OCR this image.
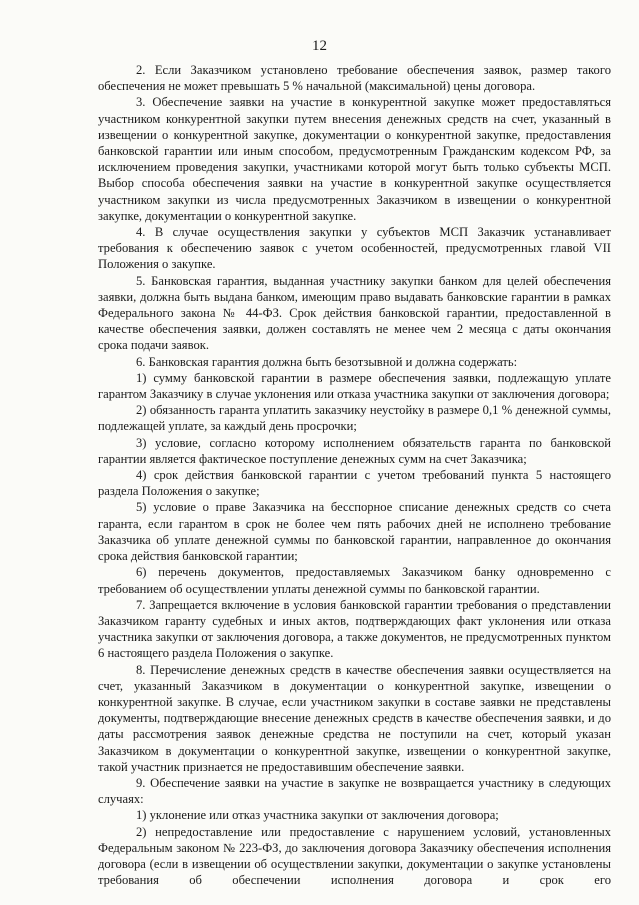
12

2. Если Заказчиком установлено требование обеспечения заявок, размер такого обеспечения не может превышать 5 % начальной (максимальной) цены договора.

3. Обеспечение заявки на участие в конкурентной закупке может предоставляться участником конкурентной закупки путем внесения денежных средств на счет, указанный в извещении о конкурентной закупке, документации о конкурентной закупке, предоставления банковской гарантии или иным способом, предусмотренным Гражданским кодексом РФ, за исключением проведения закупки, участниками которой могут быть только субъекты МСП. Выбор способа обеспечения заявки на участие в конкурентной закупке осуществляется участником закупки из числа предусмотренных Заказчиком в извещении о конкурентной закупке, документации о конкурентной закупке.

4. В случае осуществления закупки у субъектов МСП Заказчик устанавливает требования к обеспечению заявок с учетом особенностей, предусмотренных главой VII Положения о закупке.

5. Банковская гарантия, выданная участнику закупки банком для целей обеспечения заявки, должна быть выдана банком, имеющим право выдавать банковские гарантии в рамках Федерального закона № 44-ФЗ. Срок действия банковской гарантии, предоставленной в качестве обеспечения заявки, должен составлять не менее чем 2 месяца с даты окончания срока подачи заявок.

6. Банковская гарантия должна быть безотзывной и должна содержать:

1) сумму банковской гарантии в размере обеспечения заявки, подлежащую уплате гарантом Заказчику в случае уклонения или отказа участника закупки от заключения договора;

2) обязанность гаранта уплатить заказчику неустойку в размере 0,1 % денежной суммы, подлежащей уплате, за каждый день просрочки;

3) условие, согласно которому исполнением обязательств гаранта по банковской гарантии является фактическое поступление денежных сумм на счет Заказчика;

4) срок действия банковской гарантии с учетом требований пункта 5 настоящего раздела Положения о закупке;

5) условие о праве Заказчика на бесспорное списание денежных средств со счета гаранта, если гарантом в срок не более чем пять рабочих дней не исполнено требование Заказчика об уплате денежной суммы по банковской гарантии, направленное до окончания срока действия банковской гарантии;

6) перечень документов, предоставляемых Заказчиком банку одновременно с требованием об осуществлении уплаты денежной суммы по банковской гарантии.

7. Запрещается включение в условия банковской гарантии требования о представлении Заказчиком гаранту судебных и иных актов, подтверждающих факт уклонения или отказа участника закупки от заключения договора, а также документов, не предусмотренных пунктом 6 настоящего раздела Положения о закупке.

8. Перечисление денежных средств в качестве обеспечения заявки осуществляется на счет, указанный Заказчиком в документации о конкурентной закупке, извещении о конкурентной закупке. В случае, если участником закупки в составе заявки не представлены документы, подтверждающие внесение денежных средств в качестве обеспечения заявки, и до даты рассмотрения заявок денежные средства не поступили на счет, который указан Заказчиком в документации о конкурентной закупке, извещении о конкурентной закупке, такой участник признается не предоставившим обеспечение заявки.

9. Обеспечение заявки на участие в закупке не возвращается участнику в следующих случаях:

1) уклонение или отказ участника закупки от заключения договора;

2) непредоставление или предоставление с нарушением условий, установленных Федеральным законом № 223-ФЗ, до заключения договора Заказчику обеспечения исполнения договора (если в извещении об осуществлении закупки, документации о закупке установлены требования об обеспечении исполнения договора и срок его
